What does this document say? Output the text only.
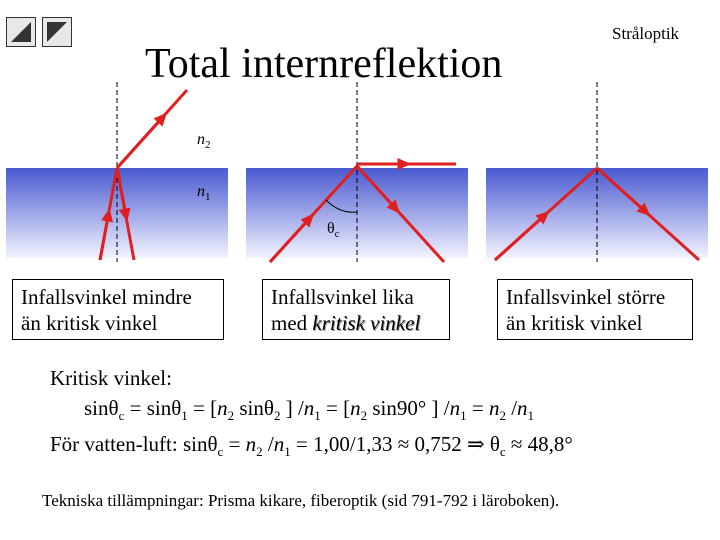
Total internreflektion
Stråloptik
$n_2$
$n_1$
$\theta_c$
Infallsvinkel mindre
än kritisk vinkel
Infallsvinkel lika
med kritisk vinkel
Infallsvinkel större
än kritisk vinkel
Kritisk vinkel:
$\sin\theta_c = \sin\theta_1 = [n_2$ sinθ$_2$ ] $/n_1 = [n_2$ sin90° ] $/n_1 = n_2$ $/n_1$
För vatten-luft: $\sin\theta_c = n_2$ $/n_1 = 1,00/1,33 \approx 0,752$ ⇒ $\theta_c \approx 48,8^\circ$
Tekniska tillämpningar: Prisma kikare, fiberoptik (sid 791-792 i läroboken).
